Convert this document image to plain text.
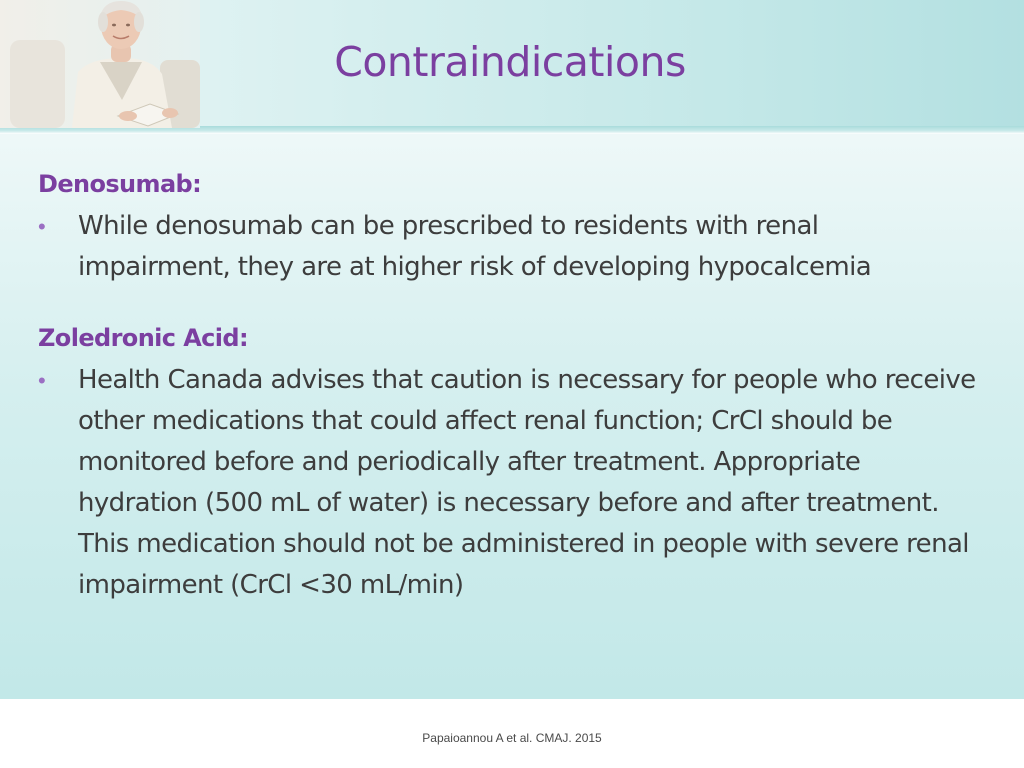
Contraindications

Denosumab:

•	While denosumab can be prescribed to residents with renal impairment, they are at higher risk of developing hypocalcemia

Zoledronic Acid:

•	Health Canada advises that caution is necessary for people who receive other medications that could affect renal function; CrCl should be monitored before and periodically after treatment. Appropriate hydration (500 mL of water) is necessary before and after treatment. This medication should not be administered in people with severe renal impairment (CrCl <30 mL/min)
Papaioannou A et al. CMAJ. 2015
